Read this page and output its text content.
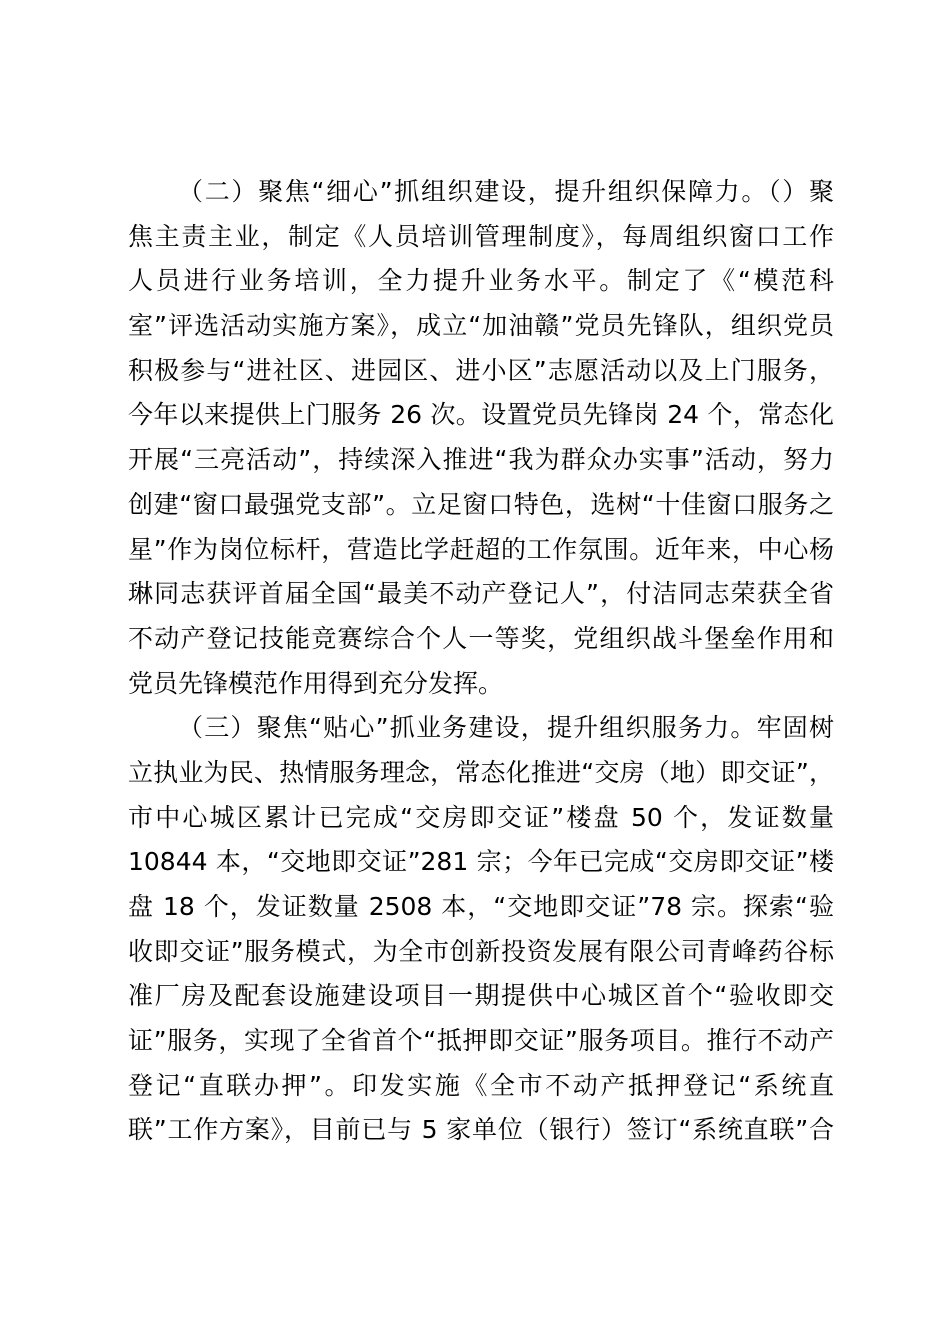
（二）聚焦“细心”抓组织建设，提升组织保障力。（）聚
焦主责主业，制定《人员培训管理制度》，每周组织窗口工作
人员进行业务培训，全力提升业务水平。制定了《“模范科
室”评选活动实施方案》，成立“加油赣”党员先锋队，组织党员
积极参与“进社区、进园区、进小区”志愿活动以及上门服务，
今年以来提供上门服务 26 次。设置党员先锋岗 24 个，常态化
开展“三亮活动”，持续深入推进“我为群众办实事”活动，努力
创建“窗口最强党支部”。立足窗口特色，选树“十佳窗口服务之
星”作为岗位标杆，营造比学赶超的工作氛围。近年来，中心杨
琳同志获评首届全国“最美不动产登记人”，付洁同志荣获全省
不动产登记技能竞赛综合个人一等奖，党组织战斗堡垒作用和
党员先锋模范作用得到充分发挥。
（三）聚焦“贴心”抓业务建设，提升组织服务力。牢固树
立执业为民、热情服务理念，常态化推进“交房（地）即交证”，
市中心城区累计已完成“交房即交证”楼盘 50 个，发证数量
10844 本，“交地即交证”281 宗；今年已完成“交房即交证”楼
盘 18 个，发证数量 2508 本，“交地即交证”78 宗。探索“验
收即交证”服务模式，为全市创新投资发展有限公司青峰药谷标
准厂房及配套设施建设项目一期提供中心城区首个“验收即交
证”服务，实现了全省首个“抵押即交证”服务项目。推行不动产
登记“直联办押”。印发实施《全市不动产抵押登记“系统直
联”工作方案》，目前已与 5 家单位（银行）签订“系统直联”合
